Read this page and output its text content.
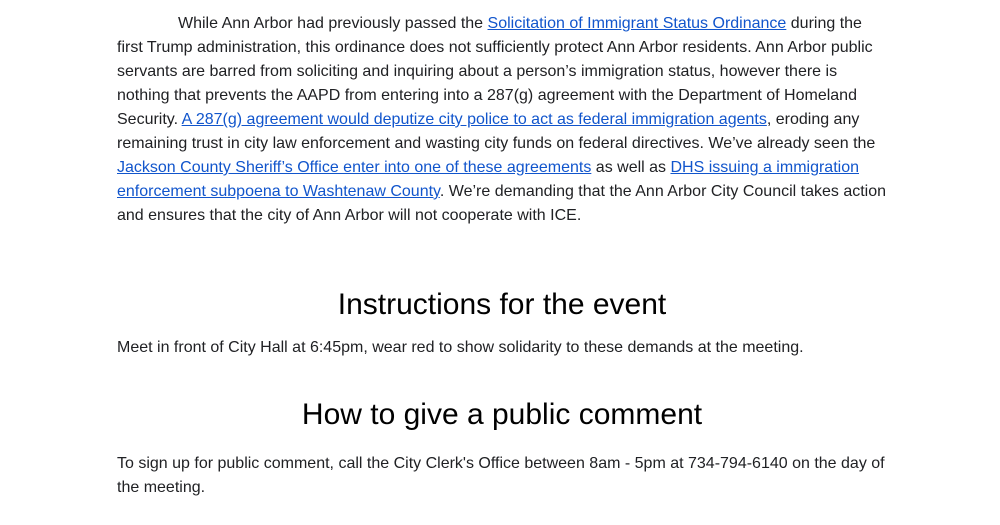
While Ann Arbor had previously passed the Solicitation of Immigrant Status Ordinance during the first Trump administration, this ordinance does not sufficiently protect Ann Arbor residents. Ann Arbor public servants are barred from soliciting and inquiring about a person’s immigration status, however there is nothing that prevents the AAPD from entering into a 287(g) agreement with the Department of Homeland Security. A 287(g) agreement would deputize city police to act as federal immigration agents, eroding any remaining trust in city law enforcement and wasting city funds on federal directives. We’ve already seen the Jackson County Sheriff’s Office enter into one of these agreements as well as DHS issuing a immigration enforcement subpoena to Washtenaw County. We’re demanding that the Ann Arbor City Council takes action and ensures that the city of Ann Arbor will not cooperate with ICE.

Instructions for the event

Meet in front of City Hall at 6:45pm, wear red to show solidarity to these demands at the meeting.

How to give a public comment

To sign up for public comment, call the City Clerk's Office between 8am - 5pm at 734-794-6140 on the day of the meeting.
